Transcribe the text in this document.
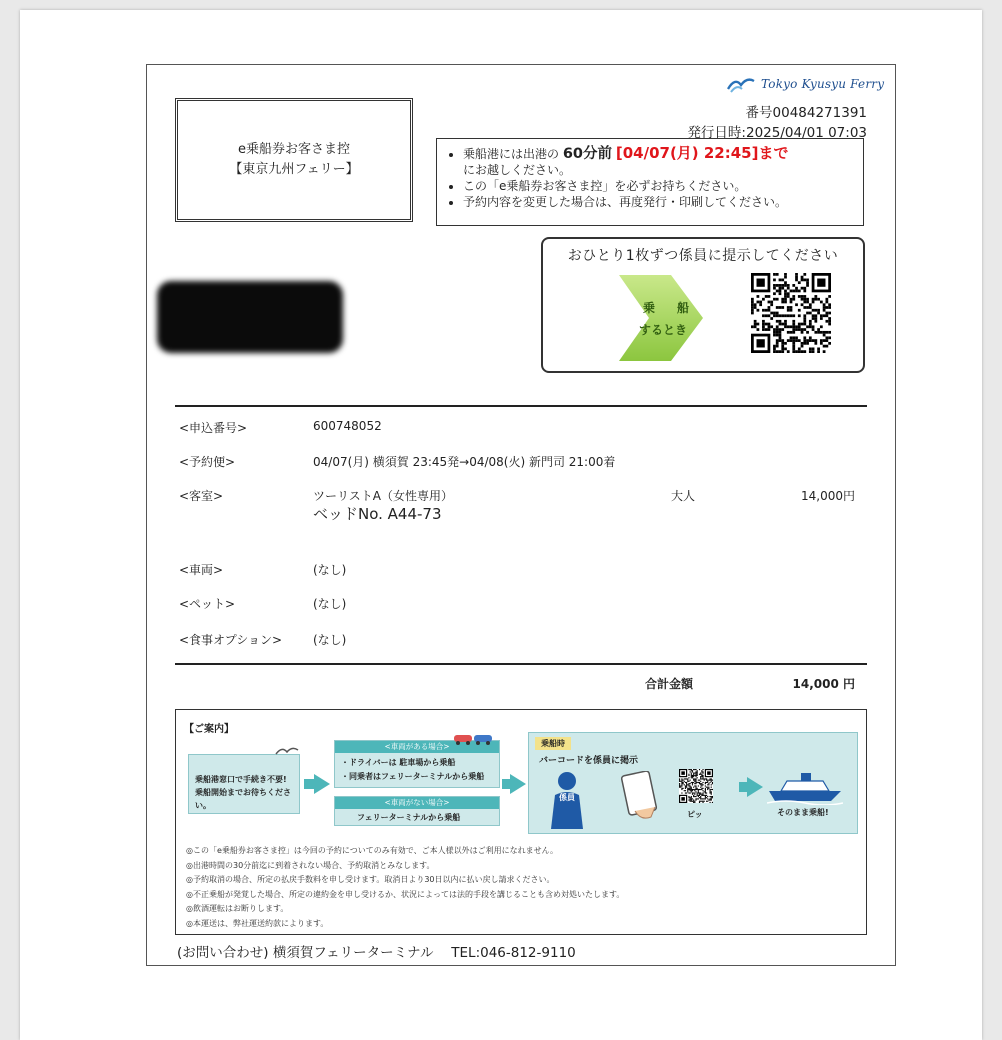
Tokyo Kyusyu Ferry
番号00484271391
発行日時:2025/04/01 07:03
e乗船券お客さま控
【東京九州フェリー】
• 乗船港には出港の 60分前 [04/07(月) 22:45]まで
にお越しください。
• この「e乗船券お客さま控」を必ずお持ちください。
• 予約内容を変更した場合は、再度発行・印刷してください。
おひとり1枚ずつ係員に提示してください
乗船
するとき
<申込番号>	600748052
<予約便>	04/07(月) 横須賀 23:45発→04/08(火) 新門司 21:00着
<客室>	ツーリストA（女性専用）
ベッドNo. A44-73
大人	14,000円
<車両>	(なし)
<ペット>	(なし)
<食事オプション>	(なし)
合計金額	14,000 円
【ご案内】
乗船港窓口で手続き不要!
乗船開始までお待ちください。
<車両がある場合>
・ドライバーは 駐車場から乗船
・同乗者はフェリーターミナルから乗船
<車両がない場合>
フェリーターミナルから乗船
乗船時
バーコードを係員に掲示
係員
ピッ	そのまま乗船!
◎この「e乗船券お客さま控」は今回の予約についてのみ有効で、ご本人様以外はご利用になれません。
◎出港時間の30分前迄に到着されない場合、予約取消とみなします。
◎予約取消の場合、所定の払戻手数料を申し受けます。取消日より30日以内に払い戻し請求ください。
◎不正乗船が発覚した場合、所定の違約金を申し受けるか、状況によっては法的手段を講じることも含め対処いたします。
◎飲酒運転はお断りします。
◎本運送は、弊社運送約款によります。
(お問い合わせ) 横須賀フェリーターミナル　 TEL:046-812-9110
